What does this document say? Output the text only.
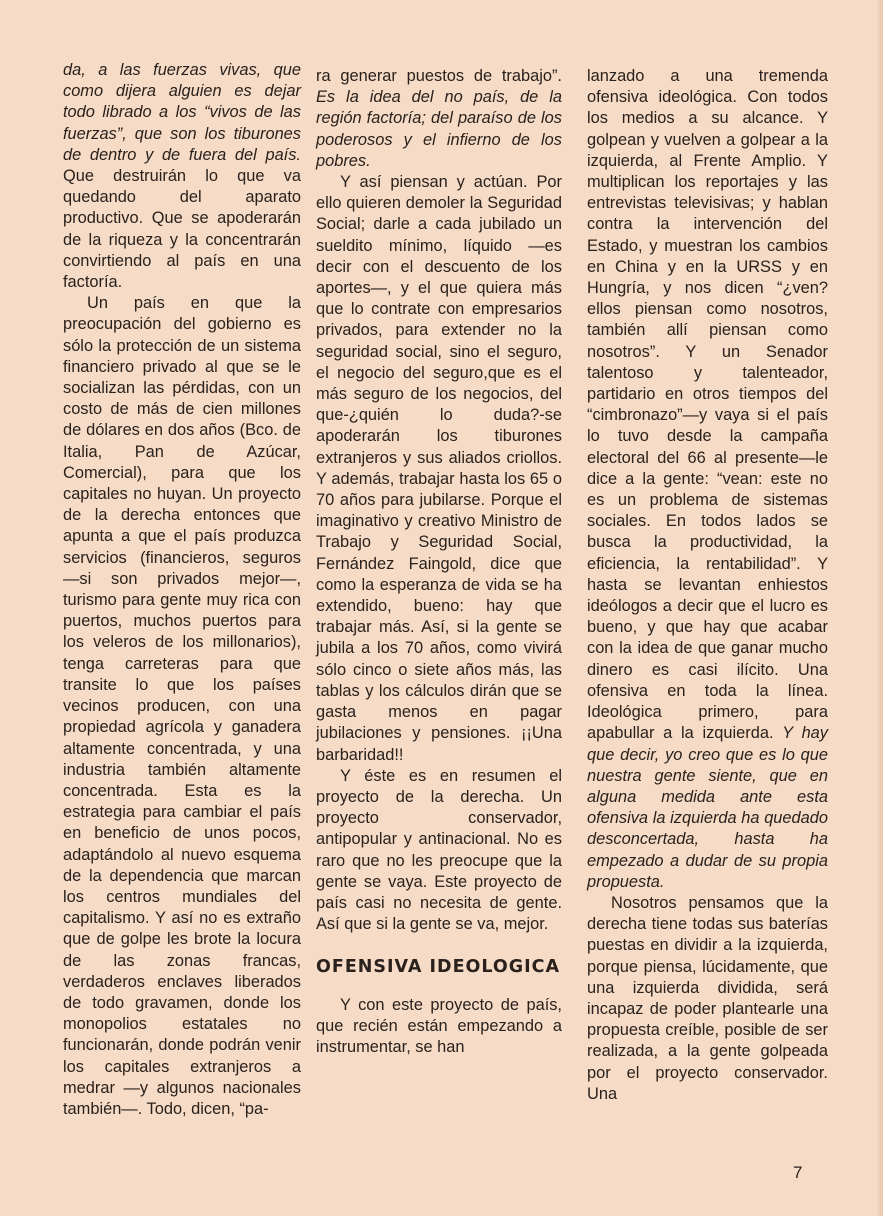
da, a las fuerzas vivas, que como dijera alguien es dejar todo librado a los “vivos de las fuerzas”, que son los tiburones de dentro y de fuera del país. Que destruirán lo que va quedando del aparato productivo. Que se apoderarán de la riqueza y la concentrarán convirtiendo al país en una factoría.

Un país en que la preocupación del gobierno es sólo la protección de un sistema financiero privado al que se le socializan las pérdidas, con un costo de más de cien millones de dólares en dos años (Bco. de Italia, Pan de Azúcar, Comercial), para que los capitales no huyan. Un proyecto de la derecha entonces que apunta a que el país produzca servicios (financieros, seguros —si son privados mejor—, turismo para gente muy rica con puertos, muchos puertos para los veleros de los millonarios), tenga carreteras para que transite lo que los países vecinos producen, con una propiedad agrícola y ganadera altamente concentrada, y una industria también altamente concentrada. Esta es la estrategia para cambiar el país en beneficio de unos pocos, adaptándolo al nuevo esquema de la dependencia que marcan los centros mundiales del capitalismo. Y así no es extraño que de golpe les brote la locura de las zonas francas, verdaderos enclaves liberados de todo gravamen, donde los monopolios estatales no funcionarán, donde podrán venir los capitales extranjeros a medrar —y algunos nacionales también—. Todo, dicen, “pa-

ra generar puestos de trabajo”. Es la idea del no país, de la región factoría; del paraíso de los poderosos y el infierno de los pobres.

Y así piensan y actúan. Por ello quieren demoler la Seguridad Social; darle a cada jubilado un sueldito mínimo, líquido —es decir con el descuento de los aportes—, y el que quiera más que lo contrate con empresarios privados, para extender no la seguridad social, sino el seguro, el negocio del seguro,que es el más seguro de los negocios, del que-¿quién lo duda?-se apoderarán los tiburones extranjeros y sus aliados criollos. Y además, trabajar hasta los 65 o 70 años para jubilarse. Porque el imaginativo y creativo Ministro de Trabajo y Seguridad Social, Fernández Faingold, dice que como la esperanza de vida se ha extendido, bueno: hay que trabajar más. Así, si la gente se jubila a los 70 años, como vivirá sólo cinco o siete años más, las tablas y los cálculos dirán que se gasta menos en pagar jubilaciones y pensiones. ¡¡Una barbaridad!!

Y éste es en resumen el proyecto de la derecha. Un proyecto conservador, antipopular y antinacional. No es raro que no les preocupe que la gente se vaya. Este proyecto de país casi no necesita de gente. Así que si la gente se va, mejor.

OFENSIVA IDEOLOGICA

Y con este proyecto de país, que recién están empezando a instrumentar, se han

lanzado a una tremenda ofensiva ideológica. Con todos los medios a su alcance. Y golpean y vuelven a golpear a la izquierda, al Frente Amplio. Y multiplican los reportajes y las entrevistas televisivas; y hablan contra la intervención del Estado, y muestran los cambios en China y en la URSS y en Hungría, y nos dicen “¿ven? ellos piensan como nosotros, también allí piensan como nosotros”. Y un Senador talentoso y talenteador, partidario en otros tiempos del “cimbronazo”—y vaya si el país lo tuvo desde la campaña electoral del 66 al presente—le dice a la gente: “vean: este no es un problema de sistemas sociales. En todos lados se busca la productividad, la eficiencia, la rentabilidad”. Y hasta se levantan enhiestos ideólogos a decir que el lucro es bueno, y que hay que acabar con la idea de que ganar mucho dinero es casi ilícito. Una ofensiva en toda la línea. Ideológica primero, para apabullar a la izquierda. Y hay que decir, yo creo que es lo que nuestra gente siente, que en alguna medida ante esta ofensiva la izquierda ha quedado desconcertada, hasta ha empezado a dudar de su propia propuesta.

Nosotros pensamos que la derecha tiene todas sus baterías puestas en dividir a la izquierda, porque piensa, lúcidamente, que una izquierda dividida, será incapaz de poder plantearle una propuesta creíble, posible de ser realizada, a la gente golpeada por el proyecto conservador. Una

7
